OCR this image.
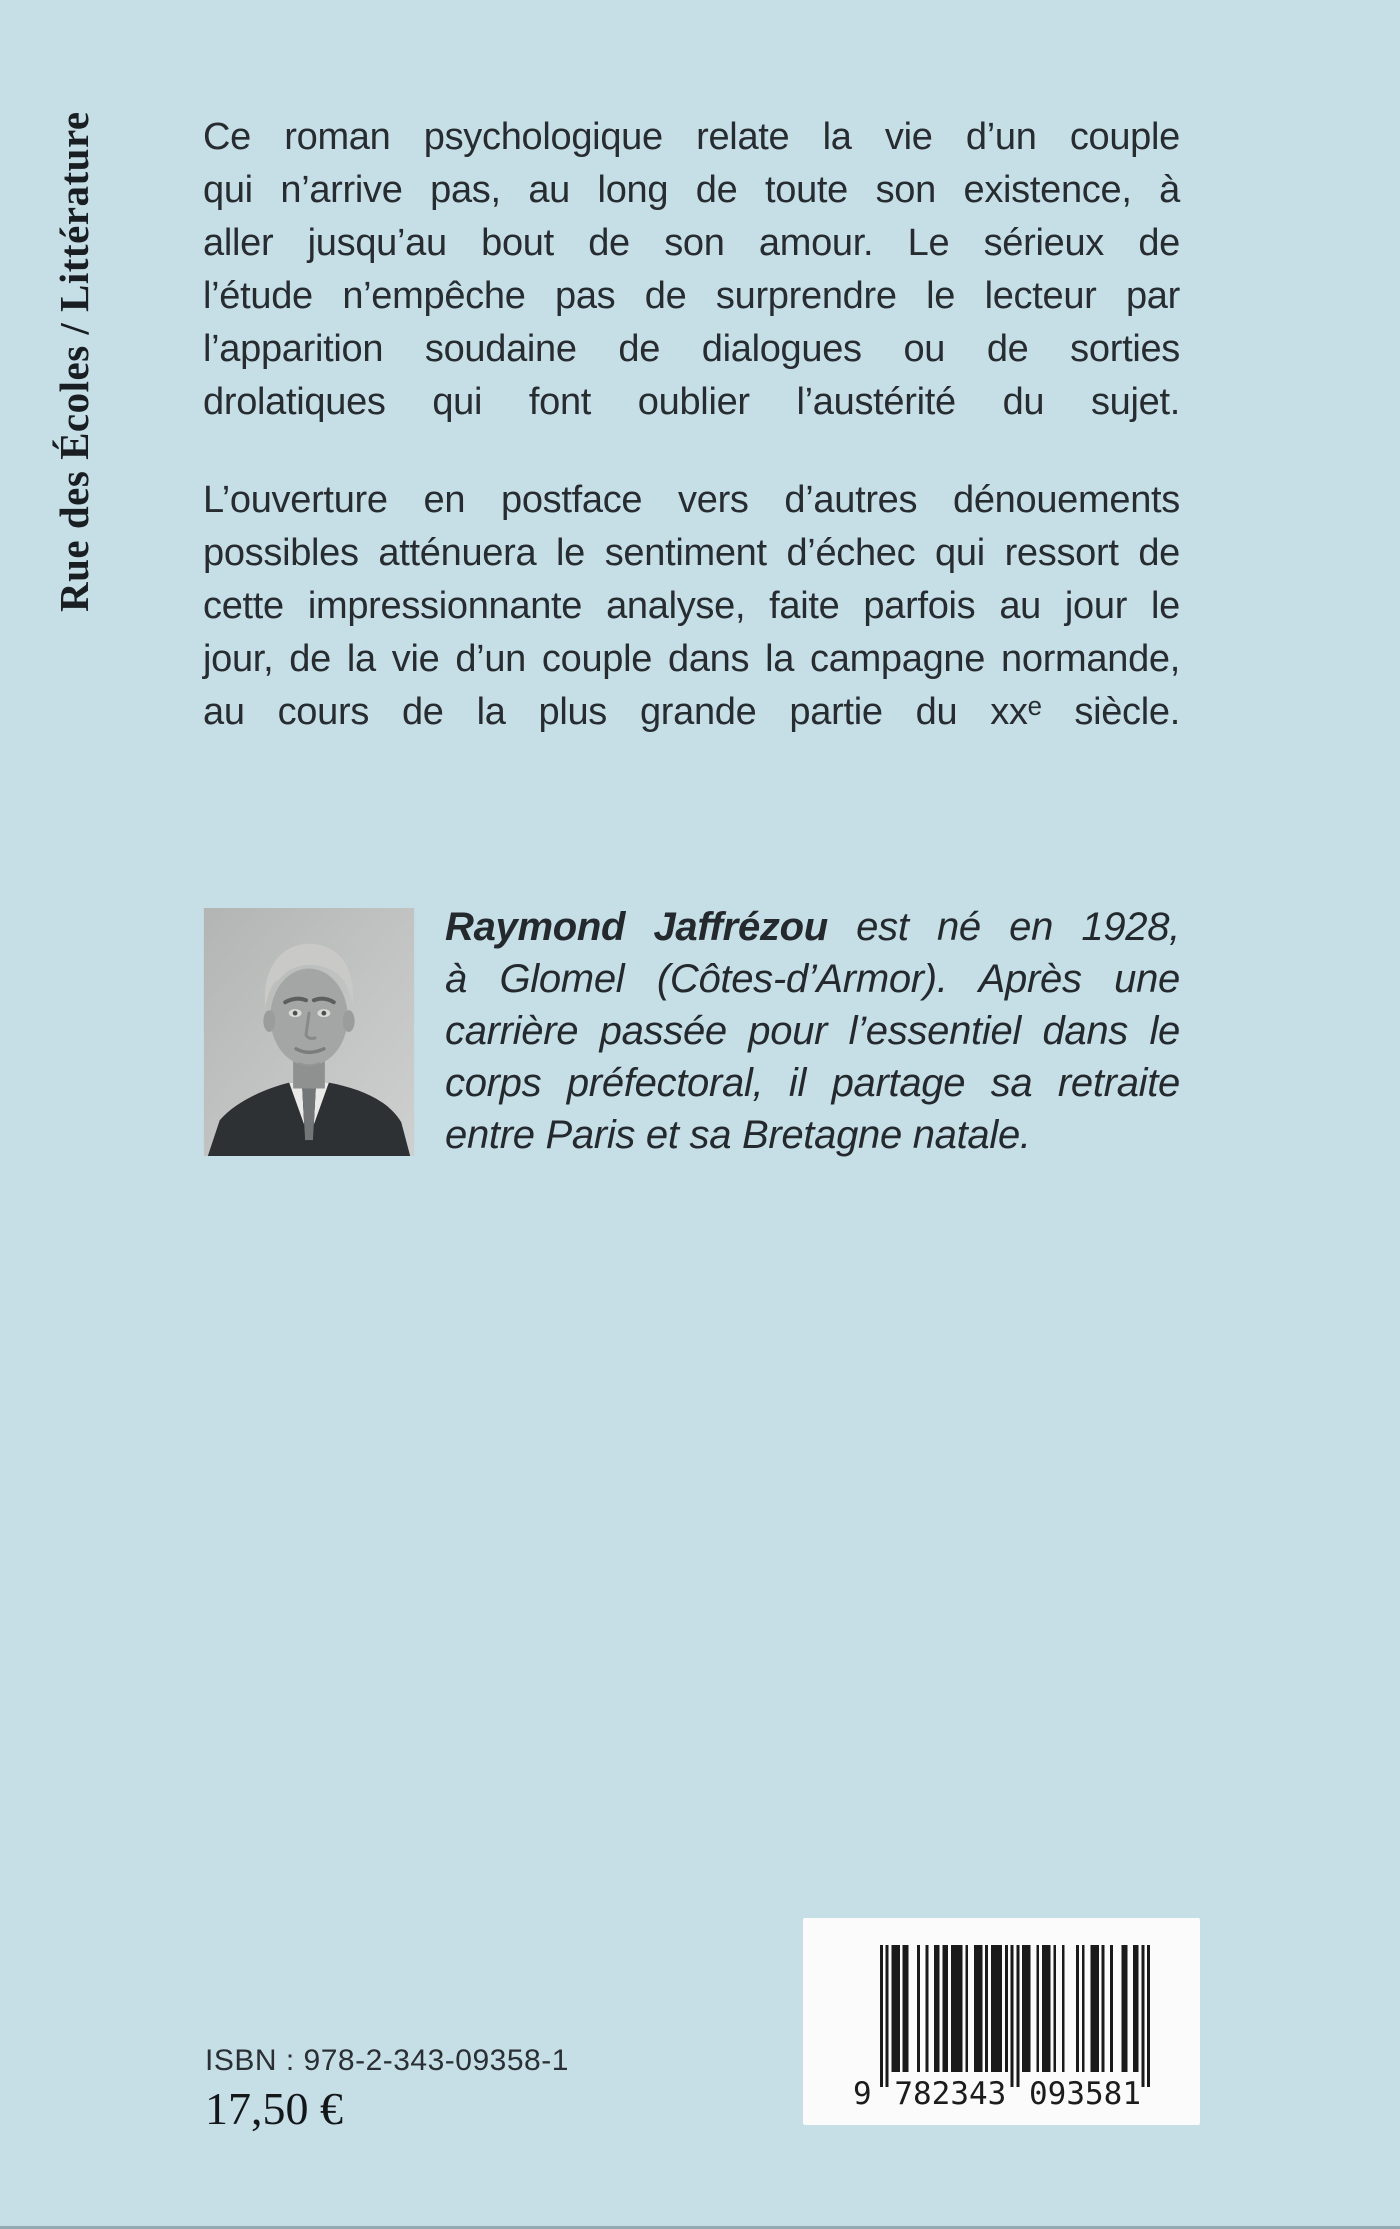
Rue des Écoles / Littérature	Ce roman psychologique relate la vie d’un couple
qui n’arrive pas, au long de toute son existence, à
aller jusqu’au bout de son amour. Le sérieux de
l’étude n’empêche pas de surprendre le lecteur par
l’apparition soudaine de dialogues ou de sorties
drolatiques qui font oublier l’austérité du sujet.
L’ouverture en postface vers d’autres dénouements
possibles atténuera le sentiment d’échec qui ressort de
cette impressionnante analyse, faite parfois au jour le
jour, de la vie d’un couple dans la campagne normande,
au cours de la plus grande partie du xxᵉ siècle.
Raymond Jaffrézou est né en 1928,
à Glomel (Côtes-d’Armor). Après une
carrière passée pour l’essentiel dans le
corps préfectoral, il partage sa retraite
entre Paris et sa Bretagne natale.
ISBN : 978-2-343-09358-1
17,50 €	9 782343 093581
